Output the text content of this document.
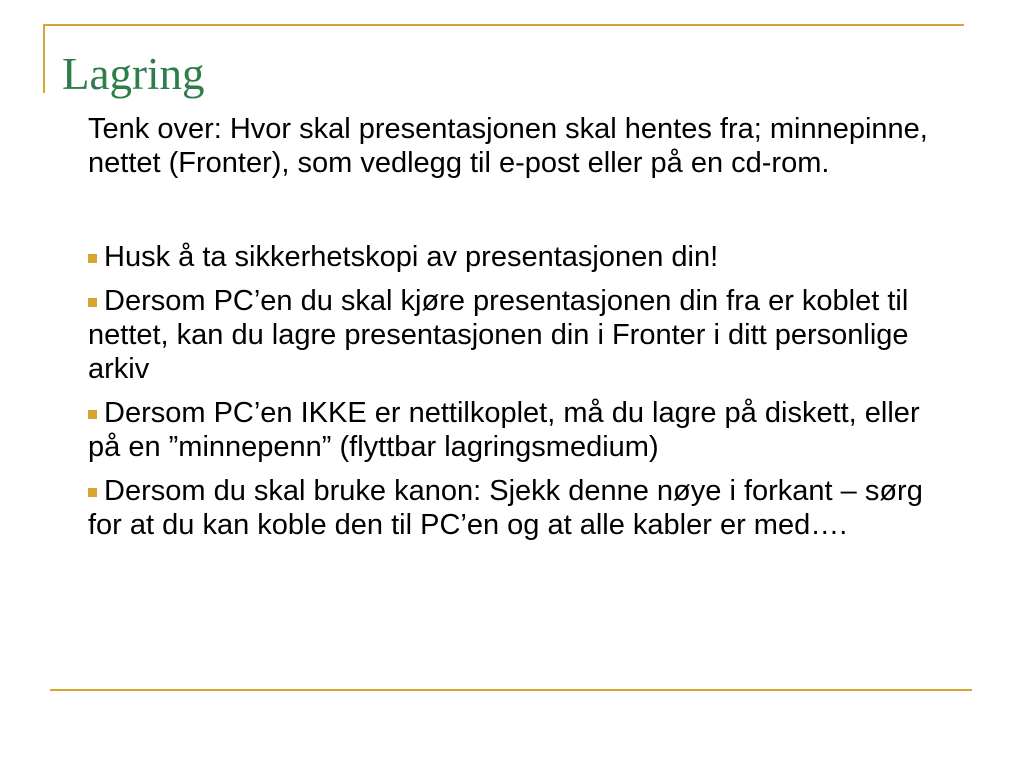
Lagring

Tenk over: Hvor skal presentasjonen skal hentes fra; minnepinne, nettet (Fronter), som vedlegg til e-post eller på en cd-rom.

Husk å ta sikkerhetskopi av presentasjonen din!
Dersom PC’en du skal kjøre presentasjonen din fra er koblet til nettet, kan du lagre presentasjonen din i Fronter i ditt personlige arkiv
Dersom PC’en IKKE er nettilkoplet, må du lagre på diskett, eller på en ”minnepenn” (flyttbar lagringsmedium)
Dersom du skal bruke kanon: Sjekk denne nøye i forkant – sørg for at du kan koble den til PC’en og at alle kabler er med….
